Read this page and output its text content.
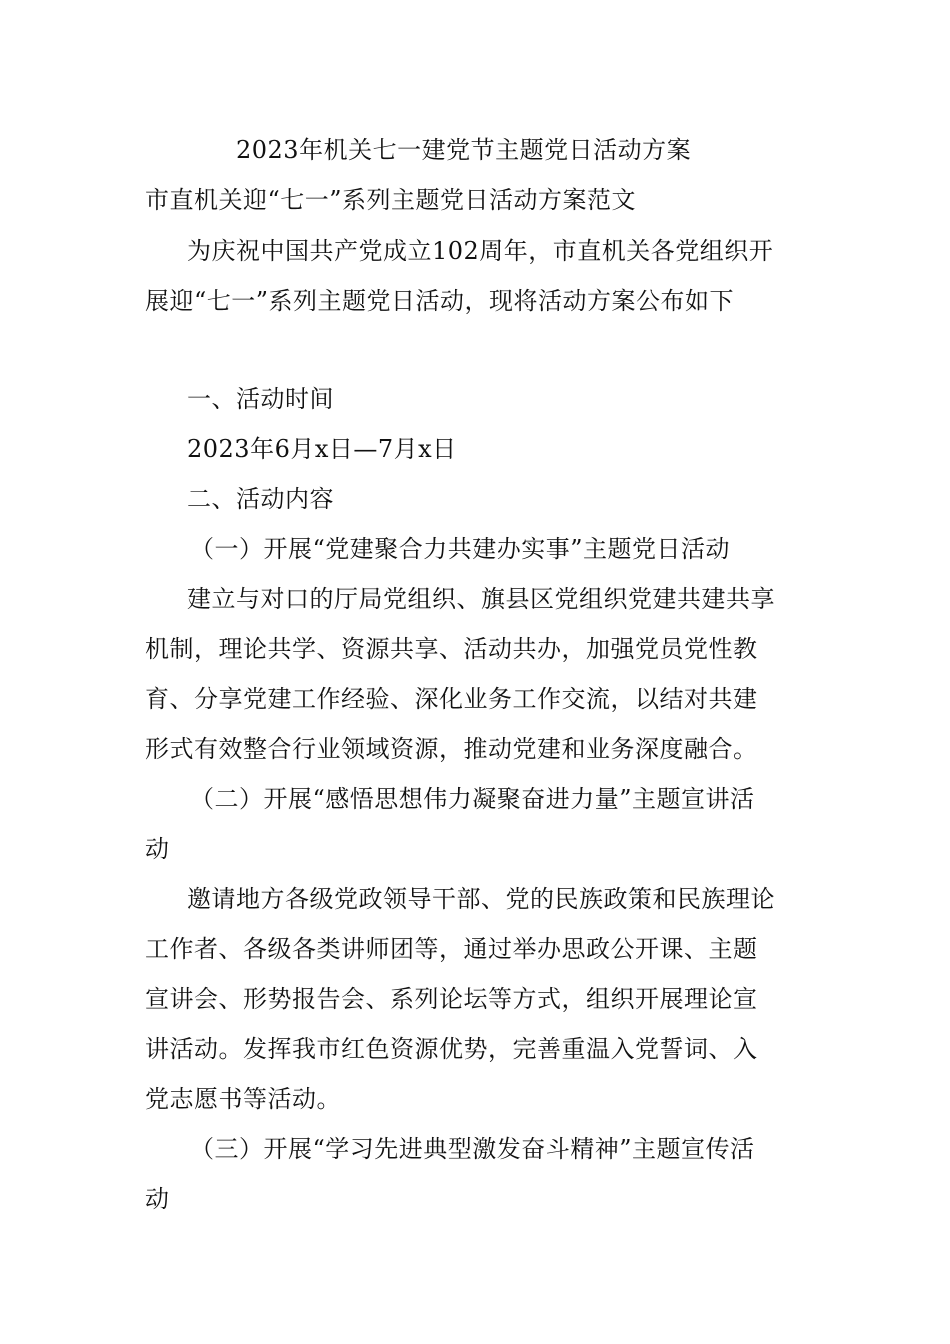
2023年机关七一建党节主题党日活动方案
市直机关迎“七一”系列主题党日活动方案范文
为庆祝中国共产党成立102周年，市直机关各党组织开
展迎“七一”系列主题党日活动，现将活动方案公布如下
一、活动时间
2023年6月x日—7月x日
二、活动内容
（一）开展“党建聚合力共建办实事”主题党日活动
建立与对口的厅局党组织、旗县区党组织党建共建共享
机制，理论共学、资源共享、活动共办，加强党员党性教
育、分享党建工作经验、深化业务工作交流，以结对共建
形式有效整合行业领域资源，推动党建和业务深度融合。
（二）开展“感悟思想伟力凝聚奋进力量”主题宣讲活
动
邀请地方各级党政领导干部、党的民族政策和民族理论
工作者、各级各类讲师团等，通过举办思政公开课、主题
宣讲会、形势报告会、系列论坛等方式，组织开展理论宣
讲活动。发挥我市红色资源优势，完善重温入党誓词、入
党志愿书等活动。
（三）开展“学习先进典型激发奋斗精神”主题宣传活
动
